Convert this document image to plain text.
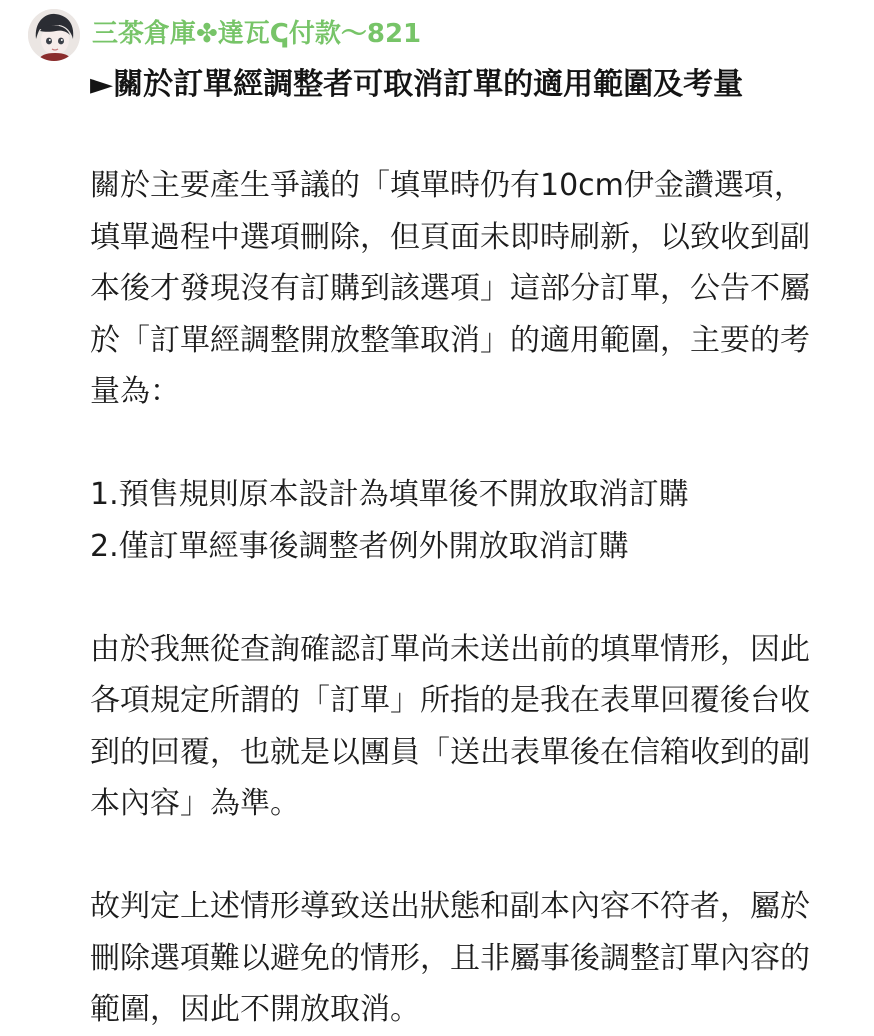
三茶倉庫✤達瓦ↅ付款～821
►關於訂單經調整者可取消訂單的適用範圍及考量

關於主要產生爭議的「填單時仍有10cm伊金讚選項，
填單過程中選項刪除，但頁面未即時刷新，以致收到副
本後才發現沒有訂購到該選項」這部分訂單，公告不屬
於「訂單經調整開放整筆取消」的適用範圍，主要的考
量為：

1.預售規則原本設計為填單後不開放取消訂購
2.僅訂單經事後調整者例外開放取消訂購

由於我無從查詢確認訂單尚未送出前的填單情形，因此
各項規定所謂的「訂單」所指的是我在表單回覆後台收
到的回覆，也就是以團員「送出表單後在信箱收到的副
本內容」為準。

故判定上述情形導致送出狀態和副本內容不符者，屬於
刪除選項難以避免的情形，且非屬事後調整訂單內容的
範圍，因此不開放取消。
